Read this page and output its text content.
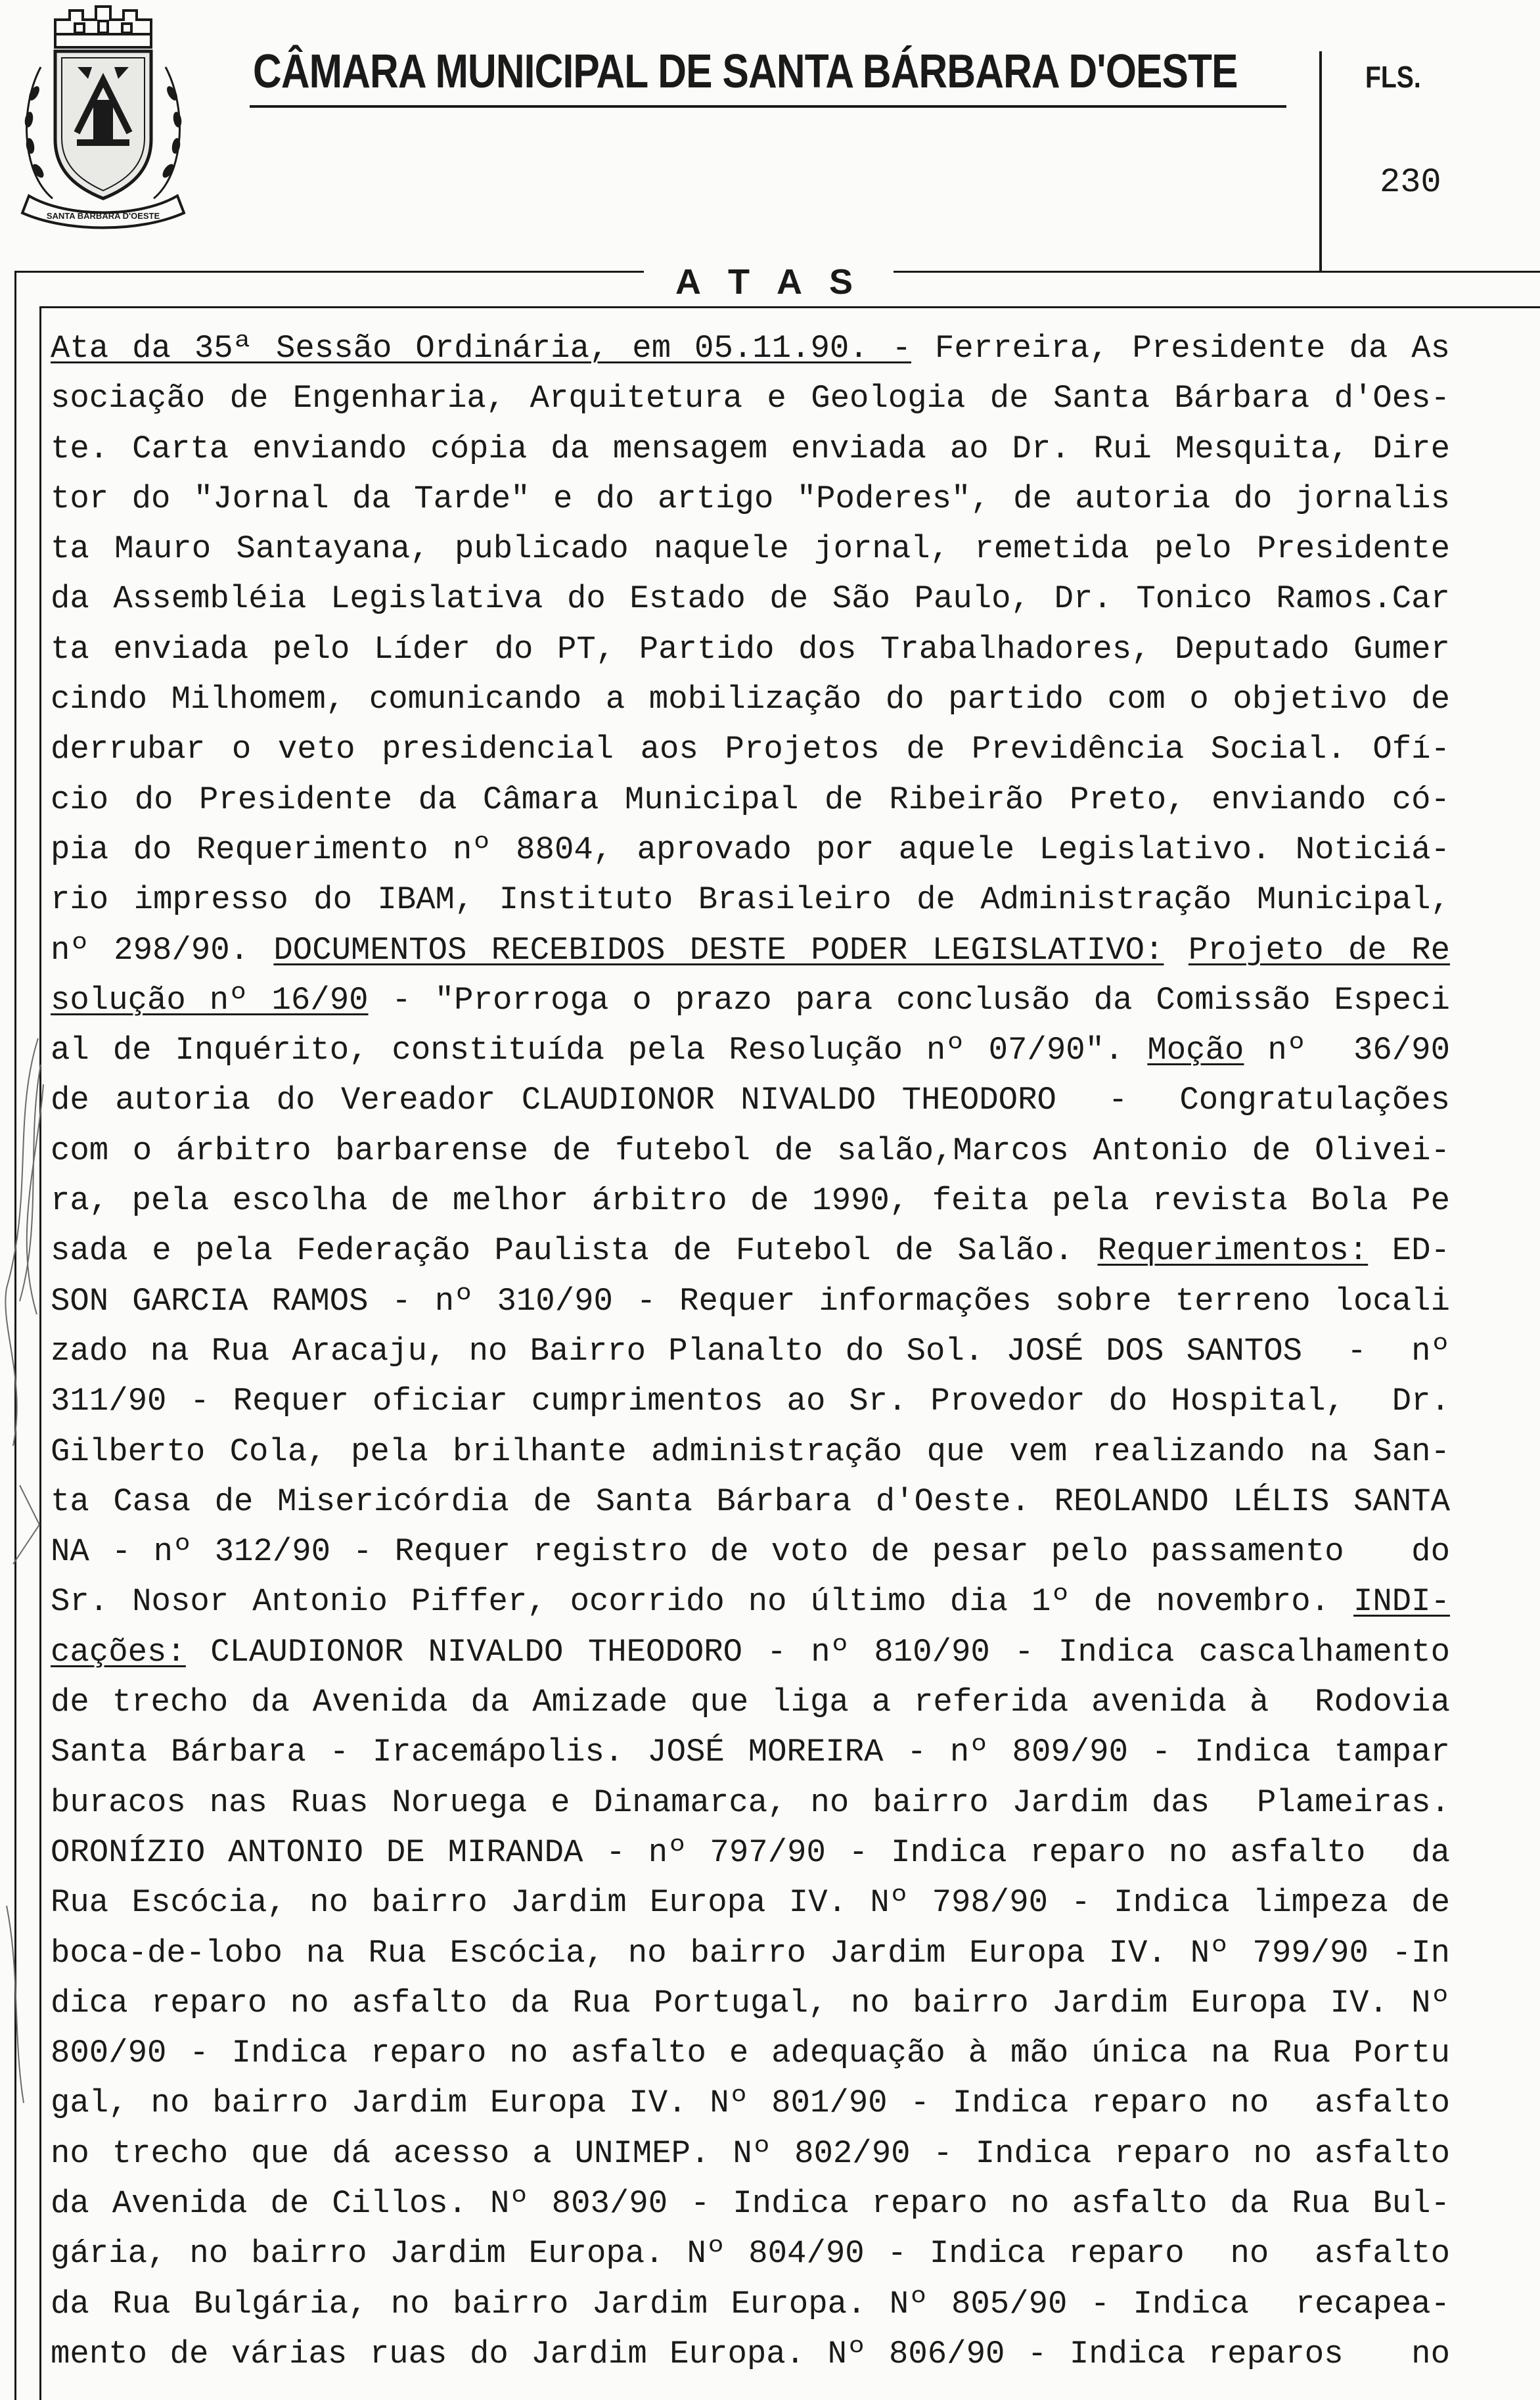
SANTA BÁRBARA D'OESTE
CÂMARA MUNICIPAL DE SANTA BÁRBARA D'OESTE	FLS.
230
A T A S
Ata da 35ª Sessão Ordinária, em 05.11.90. - Ferreira, Presidente da As
sociação de Engenharia, Arquitetura e Geologia de Santa Bárbara d'Oes-
te. Carta enviando cópia da mensagem enviada ao Dr. Rui Mesquita, Dire
tor do "Jornal da Tarde" e do artigo "Poderes", de autoria do jornalis
ta Mauro Santayana, publicado naquele jornal, remetida pelo Presidente
da Assembléia Legislativa do Estado de São Paulo, Dr. Tonico Ramos.Car
ta enviada pelo Líder do PT, Partido dos Trabalhadores, Deputado Gumer
cindo Milhomem, comunicando a mobilização do partido com o objetivo de
derrubar o veto presidencial aos Projetos de Previdência Social. Ofí-
cio do Presidente da Câmara Municipal de Ribeirão Preto, enviando có-
pia do Requerimento nº 8804, aprovado por aquele Legislativo. Noticiá-
rio impresso do IBAM, Instituto Brasileiro de Administração Municipal,
nº 298/90. DOCUMENTOS RECEBIDOS DESTE PODER LEGISLATIVO: Projeto de Re
solução nº 16/90 - "Prorroga o prazo para conclusão da Comissão Especi
al de Inquérito, constituída pela Resolução nº 07/90". Moção nº  36/90
de autoria do Vereador CLAUDIONOR NIVALDO THEODORO  -  Congratulações
com o árbitro barbarense de futebol de salão,Marcos Antonio de Olivei-
ra, pela escolha de melhor árbitro de 1990, feita pela revista Bola Pe
sada e pela Federação Paulista de Futebol de Salão. Requerimentos: ED-
SON GARCIA RAMOS - nº 310/90 - Requer informações sobre terreno locali
zado na Rua Aracaju, no Bairro Planalto do Sol. JOSÉ DOS SANTOS  -  nº
311/90 - Requer oficiar cumprimentos ao Sr. Provedor do Hospital,  Dr.
Gilberto Cola, pela brilhante administração que vem realizando na San-
ta Casa de Misericórdia de Santa Bárbara d'Oeste. REOLANDO LÉLIS SANTA
NA - nº 312/90 - Requer registro de voto de pesar pelo passamento   do
Sr. Nosor Antonio Piffer, ocorrido no último dia 1º de novembro. INDI-
cações: CLAUDIONOR NIVALDO THEODORO - nº 810/90 - Indica cascalhamento
de trecho da Avenida da Amizade que liga a referida avenida à  Rodovia
Santa Bárbara - Iracemápolis. JOSÉ MOREIRA - nº 809/90 - Indica tampar
buracos nas Ruas Noruega e Dinamarca, no bairro Jardim das  Plameiras.
ORONÍZIO ANTONIO DE MIRANDA - nº 797/90 - Indica reparo no asfalto  da
Rua Escócia, no bairro Jardim Europa IV. Nº 798/90 - Indica limpeza de
boca-de-lobo na Rua Escócia, no bairro Jardim Europa IV. Nº 799/90 -In
dica reparo no asfalto da Rua Portugal, no bairro Jardim Europa IV. Nº
800/90 - Indica reparo no asfalto e adequação à mão única na Rua Portu
gal, no bairro Jardim Europa IV. Nº 801/90 - Indica reparo no  asfalto
no trecho que dá acesso a UNIMEP. Nº 802/90 - Indica reparo no asfalto
da Avenida de Cillos. Nº 803/90 - Indica reparo no asfalto da Rua Bul-
gária, no bairro Jardim Europa. Nº 804/90 - Indica reparo  no  asfalto
da Rua Bulgária, no bairro Jardim Europa. Nº 805/90 - Indica  recapea-
mento de várias ruas do Jardim Europa. Nº 806/90 - Indica reparos   no
